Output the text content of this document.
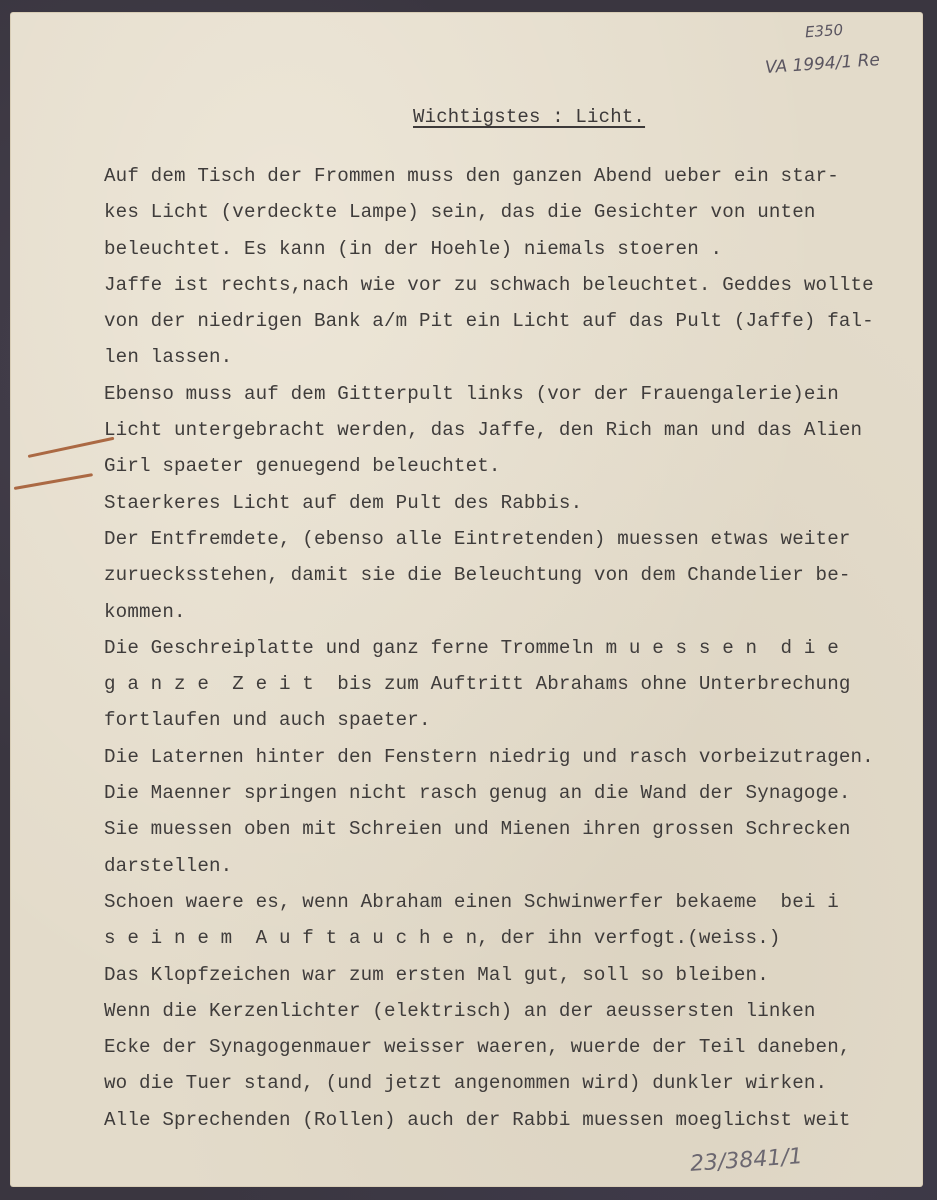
E350
VA 1994/1 Re
Wichtigstes : Licht.
Auf dem Tisch der Frommen muss den ganzen Abend ueber ein star-
kes Licht (verdeckte Lampe) sein, das die Gesichter von unten
beleuchtet. Es kann (in der Hoehle) niemals stoeren .
Jaffe ist rechts,nach wie vor zu schwach beleuchtet. Geddes wollte
von der niedrigen Bank a/m Pit ein Licht auf das Pult (Jaffe) fal-
len lassen.
Ebenso muss auf dem Gitterpult links (vor der Frauengalerie)ein
Licht untergebracht werden, das Jaffe, den Rich man und das Alien
Girl spaeter genuegend beleuchtet.
Staerkeres Licht auf dem Pult des Rabbis.
Der Entfremdete, (ebenso alle Eintretenden) muessen etwas weiter
zuruecksstehen, damit sie die Beleuchtung von dem Chandelier be-
kommen.
Die Geschreiplatte und ganz ferne Trommeln m u e s s e n  d i e
g a n z e  Z e i t  bis zum Auftritt Abrahams ohne Unterbrechung
fortlaufen und auch spaeter.
Die Laternen hinter den Fenstern niedrig und rasch vorbeizutragen.
Die Maenner springen nicht rasch genug an die Wand der Synagoge.
Sie muessen oben mit Schreien und Mienen ihren grossen Schrecken
darstellen.
Schoen waere es, wenn Abraham einen Schwinwerfer bekaeme  bei i
s e i n e m  A u f t a u c h e n, der ihn verfogt.(weiss.)
Das Klopfzeichen war zum ersten Mal gut, soll so bleiben.
Wenn die Kerzenlichter (elektrisch) an der aeussersten linken
Ecke der Synagogenmauer weisser waeren, wuerde der Teil daneben,
wo die Tuer stand, (und jetzt angenommen wird) dunkler wirken.
Alle Sprechenden (Rollen) auch der Rabbi muessen moeglichst weit
23/3841/1
